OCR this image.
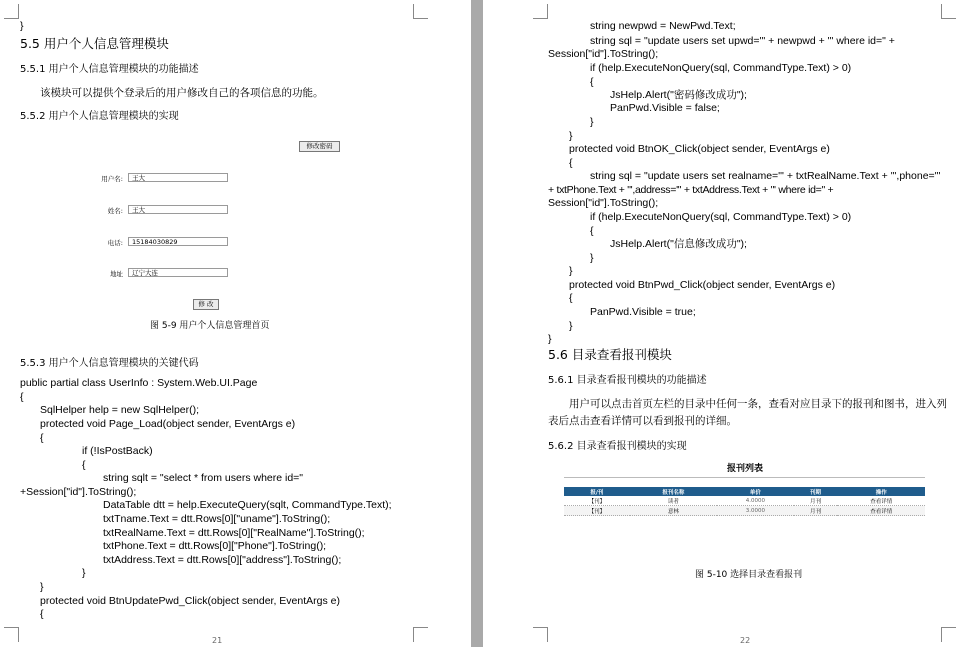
}
5.5 用户个人信息管理模块
5.5.1 用户个人信息管理模块的功能描述
该模块可以提供个登录后的用户修改自己的各项信息的功能。
5.5.2 用户个人信息管理模块的实现
修改密码
用户名:	王大
姓名:	王大
电话:	15184030829
地址	辽宁大连
修 改
图 5-9 用户个人信息管理首页
5.5.3 用户个人信息管理模块的关键代码
public partial class UserInfo : System.Web.UI.Page
{
SqlHelper help = new SqlHelper();
protected void Page_Load(object sender, EventArgs e)
{
if (!IsPostBack)
{
string sqlt = "select * from users where id="
+Session["id"].ToString();
DataTable dtt = help.ExecuteQuery(sqlt, CommandType.Text);
txtTname.Text = dtt.Rows[0]["uname"].ToString();
txtRealName.Text = dtt.Rows[0]["RealName"].ToString();
txtPhone.Text = dtt.Rows[0]["Phone"].ToString();
txtAddress.Text = dtt.Rows[0]["address"].ToString();
}
}
protected void BtnUpdatePwd_Click(object sender, EventArgs e)
{
21
string newpwd = NewPwd.Text;
string sql = "update users set upwd='" + newpwd + "' where id=" +
Session["id"].ToString();
if (help.ExecuteNonQuery(sql, CommandType.Text) > 0)
{
JsHelp.Alert("密码修改成功");
PanPwd.Visible = false;
}
}
protected void BtnOK_Click(object sender, EventArgs e)
{
string sql = "update users set realname='" + txtRealName.Text + "',phone='"
+ txtPhone.Text + "',address='" + txtAddress.Text + "' where id=" +
Session["id"].ToString();
if (help.ExecuteNonQuery(sql, CommandType.Text) > 0)
{
JsHelp.Alert("信息修改成功");
}
}
protected void BtnPwd_Click(object sender, EventArgs e)
{
PanPwd.Visible = true;
}
}
5.6 目录查看报刊模块
5.6.1 目录查看报刊模块的功能描述
用户可以点击首页左栏的目录中任何一条，查看对应目录下的报刊和图书，进入列
表后点击查看详情可以看到报刊的详细。
5.6.2 目录查看报刊模块的实现
报刊列表
报/刊	报刊名称	单价	刊期	操作
【刊】	读者	4.0000	月刊	查看详情
【刊】	意林	3.0000	月刊	查看详情
图 5-10 选择目录查看报刊
22
